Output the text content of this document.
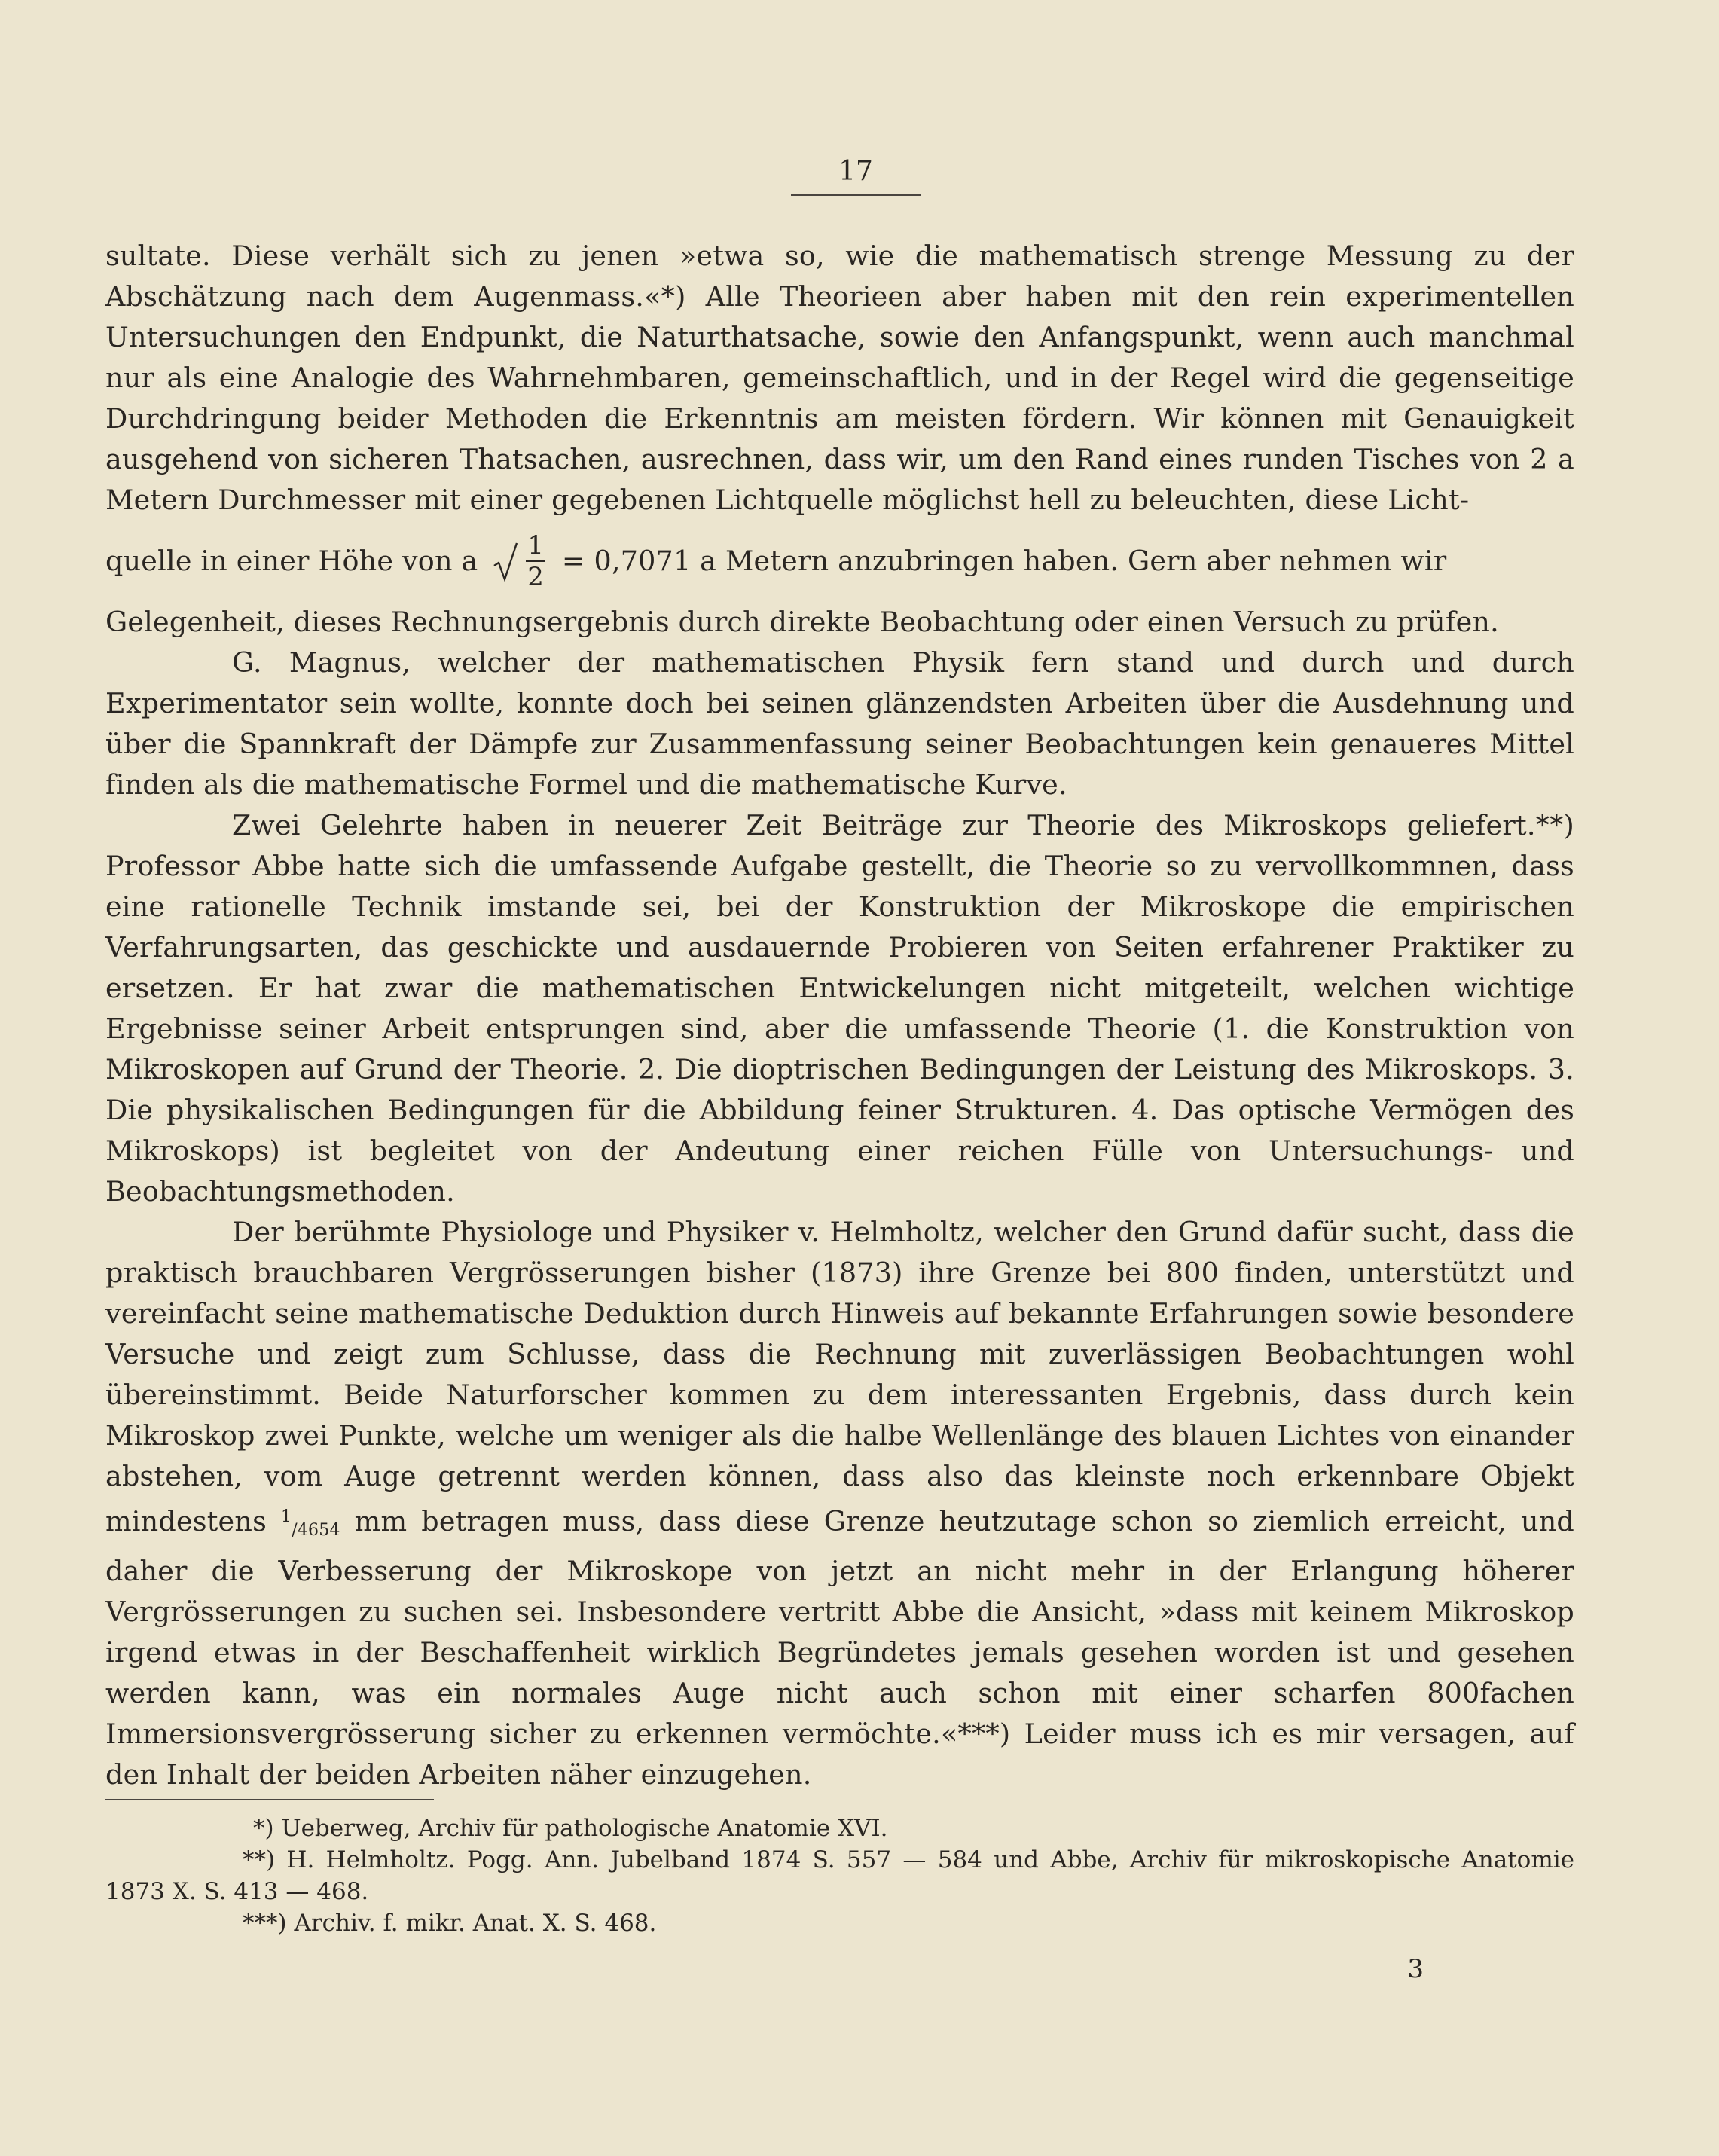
17

sultate. Diese verhält sich zu jenen »etwa so, wie die mathematisch strenge Messung zu der Abschätzung nach dem Augenmass.«*) Alle Theorieen aber haben mit den rein experimentellen Untersuchungen den Endpunkt, die Naturthatsache, sowie den Anfangspunkt, wenn auch manchmal nur als eine Analogie des Wahrnehmbaren, gemeinschaftlich, und in der Regel wird die gegenseitige Durchdringung beider Methoden die Erkenntnis am meisten fördern. Wir können mit Genauigkeit ausgehend von sicheren Thatsachen, ausrechnen, dass wir, um den Rand eines runden Tisches von 2 a Metern Durchmesser mit einer gegebenen Lichtquelle möglichst hell zu beleuchten, diese Licht-

quelle in einer Höhe von a $\frac{1}{2} = 0,7071$ a Metern anzubringen haben. Gern aber nehmen wir

Gelegenheit, dieses Rechnungsergebnis durch direkte Beobachtung oder einen Versuch zu prüfen.

G. Magnus, welcher der mathematischen Physik fern stand und durch und durch Experimentator sein wollte, konnte doch bei seinen glänzendsten Arbeiten über die Ausdehnung und über die Spannkraft der Dämpfe zur Zusammenfassung seiner Beobachtungen kein genaueres Mittel finden als die mathematische Formel und die mathematische Kurve.

Zwei Gelehrte haben in neuerer Zeit Beiträge zur Theorie des Mikroskops geliefert.**) Professor Abbe hatte sich die umfassende Aufgabe gestellt, die Theorie so zu vervollkommnen, dass eine rationelle Technik imstande sei, bei der Konstruktion der Mikroskope die empirischen Verfahrungsarten, das geschickte und ausdauernde Probieren von Seiten erfahrener Praktiker zu ersetzen. Er hat zwar die mathematischen Entwickelungen nicht mitgeteilt, welchen wichtige Ergebnisse seiner Arbeit entsprungen sind, aber die umfassende Theorie (1. die Konstruktion von Mikroskopen auf Grund der Theorie. 2. Die dioptrischen Bedingungen der Leistung des Mikroskops. 3. Die physikalischen Bedingungen für die Abbildung feiner Strukturen. 4. Das optische Vermögen des Mikroskops) ist begleitet von der Andeutung einer reichen Fülle von Untersuchungs- und Beobachtungsmethoden.

Der berühmte Physiologe und Physiker v. Helmholtz, welcher den Grund dafür sucht, dass die praktisch brauchbaren Vergrösserungen bisher (1873) ihre Grenze bei 800 finden, unterstützt und vereinfacht seine mathematische Deduktion durch Hinweis auf bekannte Erfahrungen sowie besondere Versuche und zeigt zum Schlusse, dass die Rechnung mit zuverlässigen Beobachtungen wohl übereinstimmt. Beide Naturforscher kommen zu dem interessanten Ergebnis, dass durch kein Mikroskop zwei Punkte, welche um weniger als die halbe Wellenlänge des blauen Lichtes von einander abstehen, vom Auge getrennt werden können, dass also das kleinste noch erkennbare Objekt mindestens $^1_{/4654}$ mm betragen muss, dass diese Grenze heutzutage schon so ziemlich erreicht, und daher die Verbesserung der Mikroskope von jetzt an nicht mehr in der Erlangung höherer Vergrösserungen zu suchen sei. Insbesondere vertritt Abbe die Ansicht, »dass mit keinem Mikroskop irgend etwas in der Beschaffenheit wirklich Begründetes jemals gesehen worden ist und gesehen werden kann, was ein normales Auge nicht auch schon mit einer scharfen 800fachen Immersionsvergrösserung sicher zu erkennen vermöchte.«***) Leider muss ich es mir versagen, auf den Inhalt der beiden Arbeiten näher einzugehen.

*) Ueberweg, Archiv für pathologische Anatomie XVI.

**) H. Helmholtz. Pogg. Ann. Jubelband 1874 S. 557 — 584 und Abbe, Archiv für mikroskopische Anatomie 1873 X. S. 413 — 468.

***) Archiv. f. mikr. Anat. X. S. 468.

3
